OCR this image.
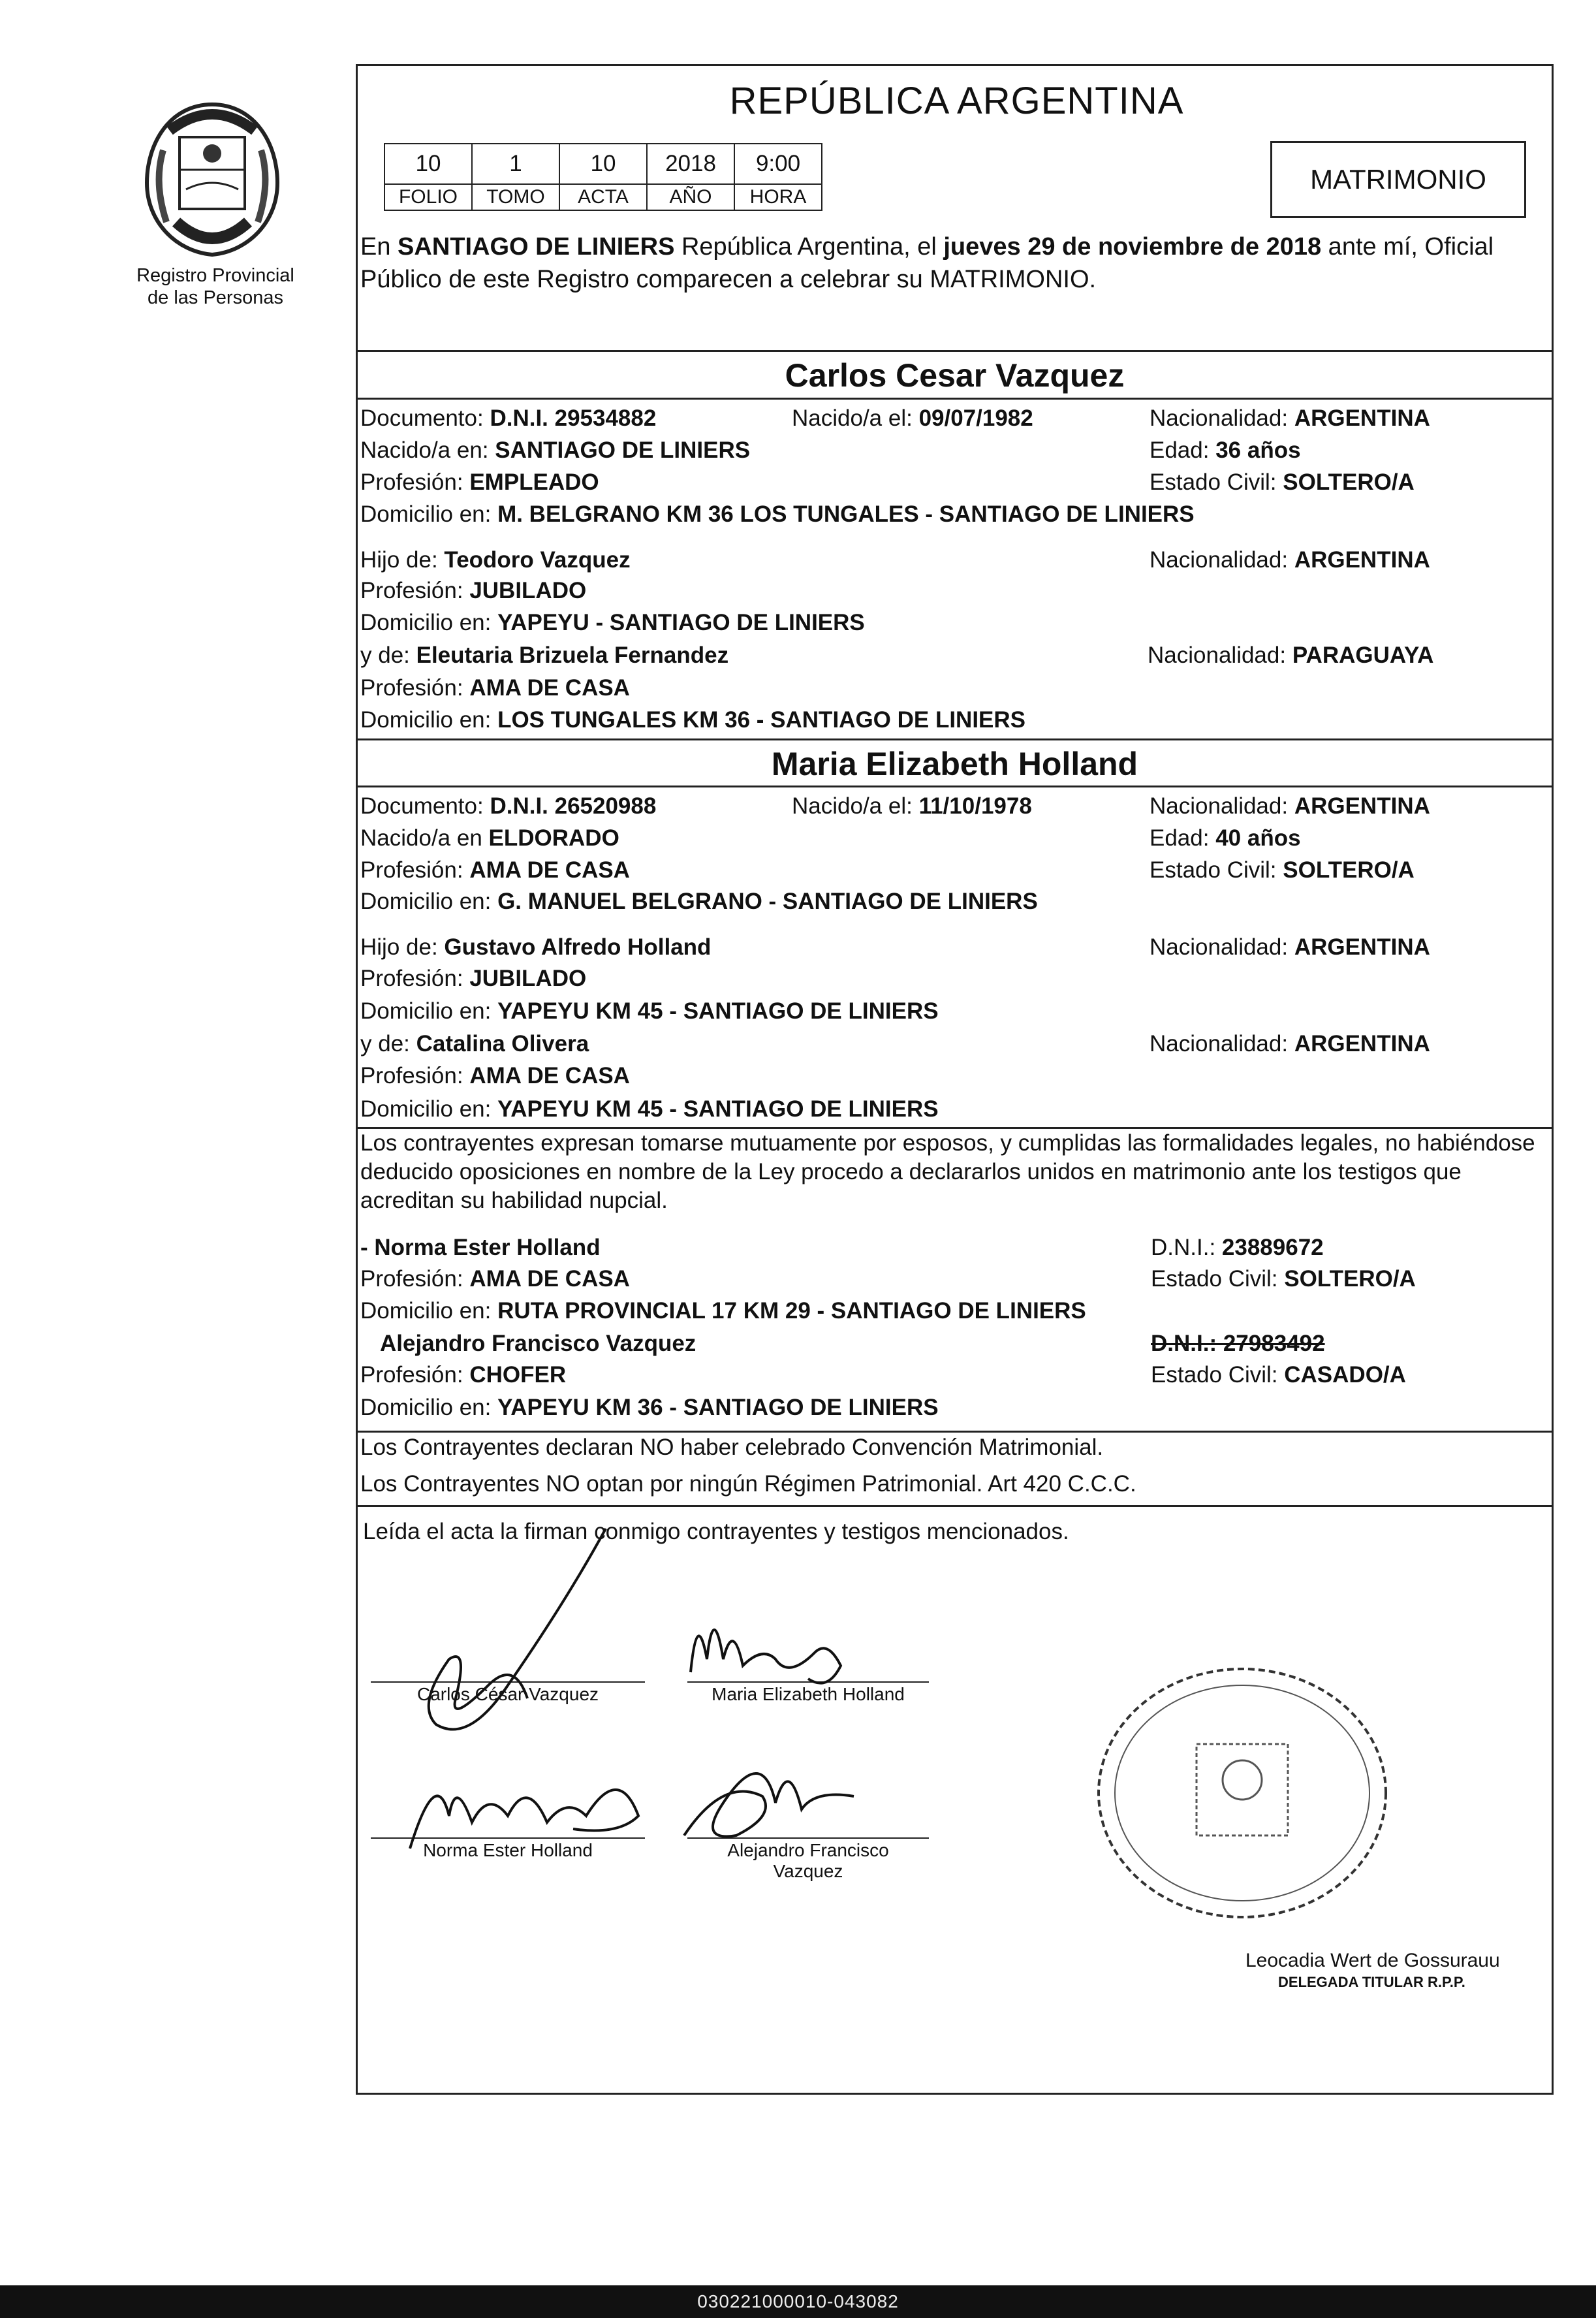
Registro Provincial
de las Personas
REPÚBLICA ARGENTINA
10	1	10	2018	9:00
FOLIO	TOMO	ACTA	AÑO	HORA
MATRIMONIO
En SANTIAGO DE LINIERS República Argentina, el jueves 29 de noviembre de 2018 ante mí, Oficial Público de este Registro comparecen a celebrar su MATRIMONIO.
Carlos Cesar Vazquez
Documento: D.N.I. 29534882	Nacido/a el: 09/07/1982	Nacionalidad: ARGENTINA
Nacido/a en: SANTIAGO DE LINIERS	Edad: 36 años
Profesión: EMPLEADO	Estado Civil: SOLTERO/A
Domicilio en: M. BELGRANO KM 36 LOS TUNGALES - SANTIAGO DE LINIERS
Hijo de: Teodoro Vazquez	Nacionalidad: ARGENTINA
Profesión: JUBILADO
Domicilio en: YAPEYU - SANTIAGO DE LINIERS
y de: Eleutaria Brizuela Fernandez	Nacionalidad: PARAGUAYA
Profesión: AMA DE CASA
Domicilio en: LOS TUNGALES KM 36 - SANTIAGO DE LINIERS
Maria Elizabeth Holland
Documento: D.N.I. 26520988	Nacido/a el: 11/10/1978	Nacionalidad: ARGENTINA
Nacido/a en ELDORADO	Edad: 40 años
Profesión: AMA DE CASA	Estado Civil: SOLTERO/A
Domicilio en: G. MANUEL BELGRANO - SANTIAGO DE LINIERS
Hijo de: Gustavo Alfredo Holland	Nacionalidad: ARGENTINA
Profesión: JUBILADO
Domicilio en: YAPEYU KM 45 - SANTIAGO DE LINIERS
y de: Catalina Olivera	Nacionalidad: ARGENTINA
Profesión: AMA DE CASA
Domicilio en: YAPEYU KM 45 - SANTIAGO DE LINIERS
Los contrayentes expresan tomarse mutuamente por esposos, y cumplidas las formalidades legales, no habiéndose deducido oposiciones en nombre de la Ley procedo a declararlos unidos en matrimonio ante los testigos que acreditan su habilidad nupcial.
- Norma Ester Holland	D.N.I.: 23889672
Profesión: AMA DE CASA	Estado Civil: SOLTERO/A
Domicilio en: RUTA PROVINCIAL 17 KM 29 - SANTIAGO DE LINIERS
Alejandro Francisco Vazquez	D.N.I.: 27983492
Profesión: CHOFER	Estado Civil: CASADO/A
Domicilio en: YAPEYU KM 36 - SANTIAGO DE LINIERS
Los Contrayentes declaran NO haber celebrado Convención Matrimonial.
Los Contrayentes NO optan por ningún Régimen Patrimonial. Art 420 C.C.C.
Leída el acta la firman conmigo contrayentes y testigos mencionados.
Carlos César Vazquez	Maria Elizabeth Holland
Norma Ester Holland	Alejandro Francisco
Vazquez
Leocadia Wert de Gossurauu
DELEGADA TITULAR R.P.P.
030221000010-043082
